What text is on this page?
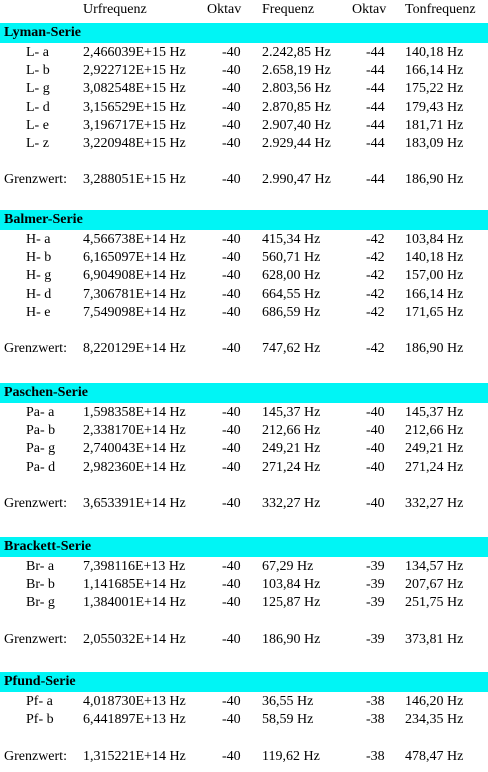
Urfrequenz	Oktav Frequenz	Oktav Tonfrequenz
Lyman-Serie
L- a 2,466039E+15 Hz	-40 2.242,85 Hz	-44 140,18 Hz
L- b 2,922712E+15 Hz	-40 2.658,19 Hz	-44 166,14 Hz
L- g 3,082548E+15 Hz	-40 2.803,56 Hz	-44 175,22 Hz
L- d 3,156529E+15 Hz	-40 2.870,85 Hz	-44 179,43 Hz
L- e 3,196717E+15 Hz	-40 2.907,40 Hz	-44 181,71 Hz
L- z 3,220948E+15 Hz	-40 2.929,44 Hz	-44 183,09 Hz
Grenzwert: 3,288051E+15 Hz	-40 2.990,47 Hz	-44 186,90 Hz
Balmer-Serie
H- a 4,566738E+14 Hz	-40 415,34 Hz	-42 103,84 Hz
H- b 6,165097E+14 Hz	-40 560,71 Hz	-42 140,18 Hz
H- g 6,904908E+14 Hz	-40 628,00 Hz	-42 157,00 Hz
H- d 7,306781E+14 Hz	-40 664,55 Hz	-42 166,14 Hz
H- e 7,549098E+14 Hz	-40 686,59 Hz	-42 171,65 Hz
Grenzwert: 8,220129E+14 Hz	-40 747,62 Hz	-42 186,90 Hz
Paschen-Serie
Pa- a 1,598358E+14 Hz	-40 145,37 Hz	-40 145,37 Hz
Pa- b 2,338170E+14 Hz	-40 212,66 Hz	-40 212,66 Hz
Pa- g 2,740043E+14 Hz	-40 249,21 Hz	-40 249,21 Hz
Pa- d 2,982360E+14 Hz	-40 271,24 Hz	-40 271,24 Hz
Grenzwert: 3,653391E+14 Hz	-40 332,27 Hz	-40 332,27 Hz
Brackett-Serie
Br- a 7,398116E+13 Hz	-40 67,29 Hz	-39 134,57 Hz
Br- b 1,141685E+14 Hz	-40 103,84 Hz	-39 207,67 Hz
Br- g 1,384001E+14 Hz	-40 125,87 Hz	-39 251,75 Hz
Grenzwert: 2,055032E+14 Hz	-40 186,90 Hz	-39 373,81 Hz
Pfund-Serie
Pf- a 4,018730E+13 Hz	-40 36,55 Hz	-38 146,20 Hz
Pf- b 6,441897E+13 Hz	-40 58,59 Hz	-38 234,35 Hz
Grenzwert: 1,315221E+14 Hz	-40 119,62 Hz	-38 478,47 Hz
